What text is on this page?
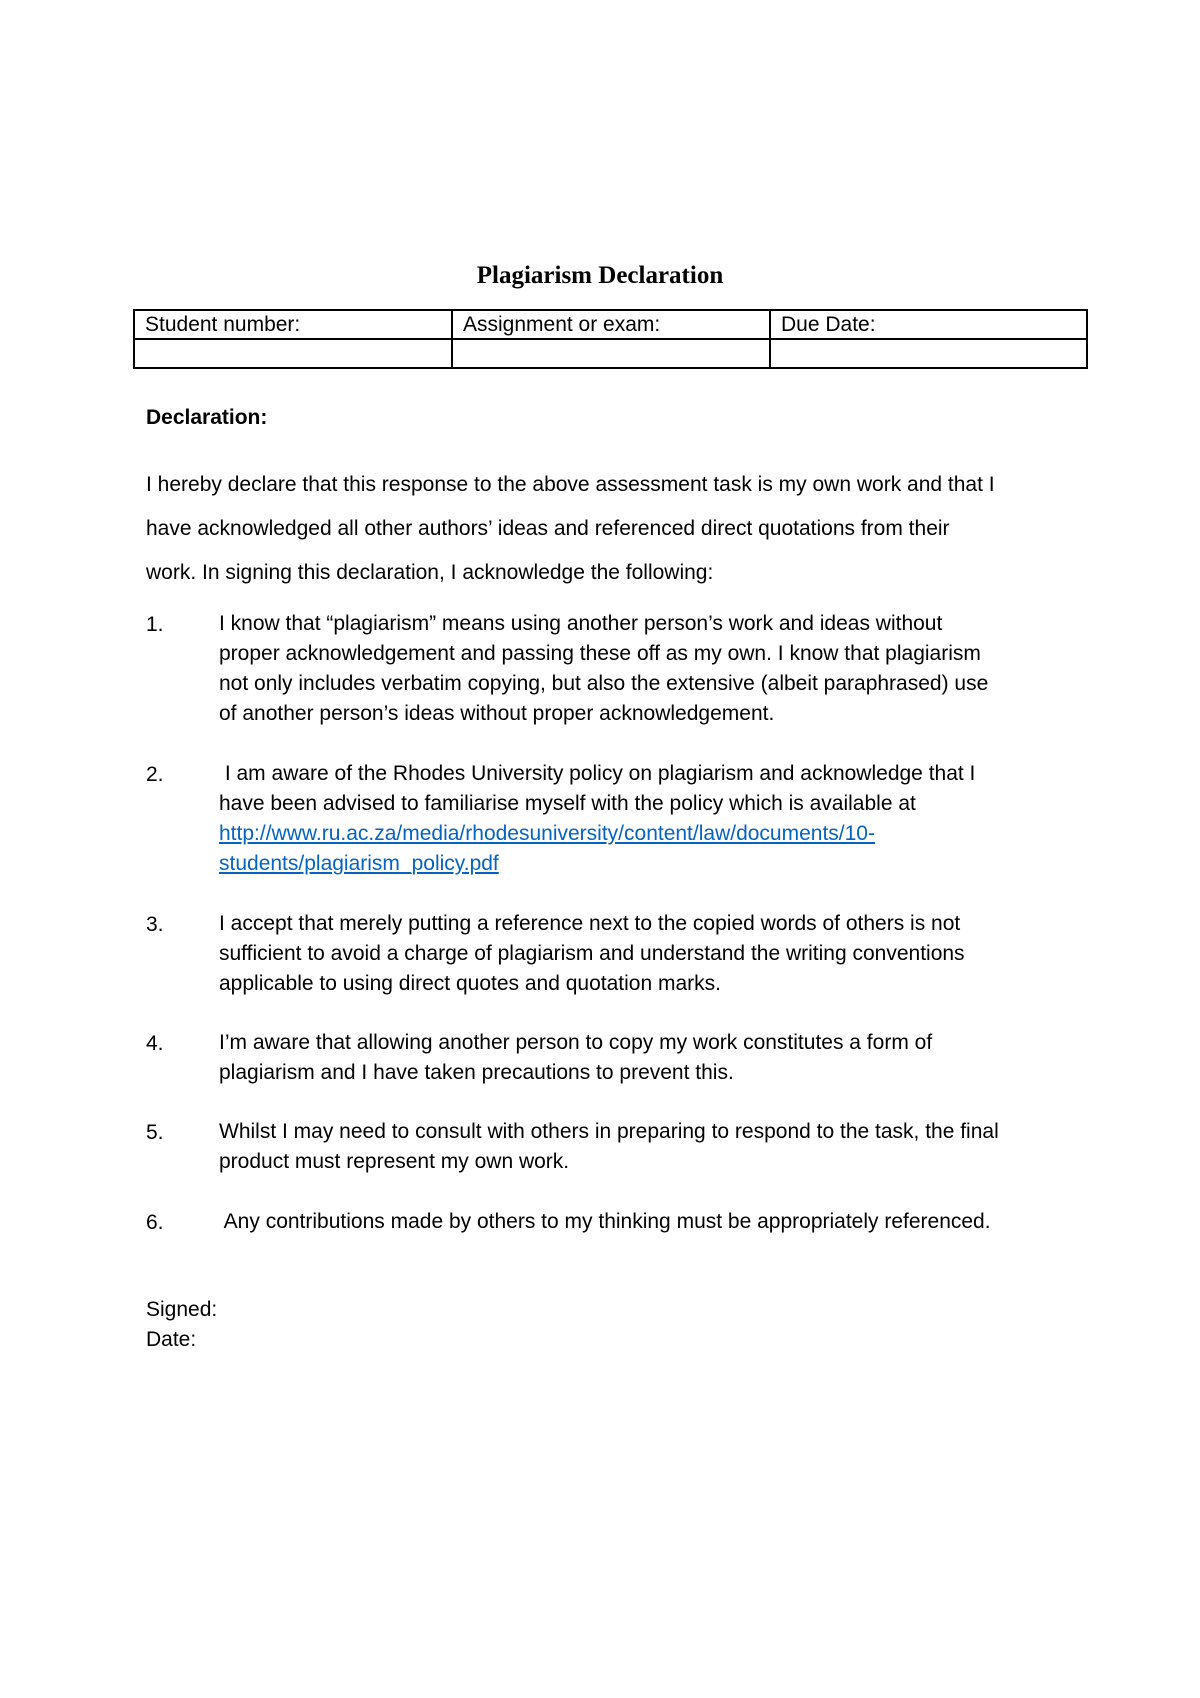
Plagiarism Declaration
Student number:	Assignment or exam:	Due Date:

Declaration:
I hereby declare that this response to the above assessment task is my own work and that I
have acknowledged all other authors’ ideas and referenced direct quotations from their
work. In signing this declaration, I acknowledge the following:
1.	I know that “plagiarism” means using another person’s work and ideas without
proper acknowledgement and passing these off as my own. I know that plagiarism
not only includes verbatim copying, but also the extensive (albeit paraphrased) use
of another person’s ideas without proper acknowledgement.
2.	I am aware of the Rhodes University policy on plagiarism and acknowledge that I
have been advised to familiarise myself with the policy which is available at
http://www.ru.ac.za/media/rhodesuniversity/content/law/documents/10-
students/plagiarism_policy.pdf
3.	I accept that merely putting a reference next to the copied words of others is not
sufficient to avoid a charge of plagiarism and understand the writing conventions
applicable to using direct quotes and quotation marks.
4.	I’m aware that allowing another person to copy my work constitutes a form of
plagiarism and I have taken precautions to prevent this.
5.	Whilst I may need to consult with others in preparing to respond to the task, the final
product must represent my own work.
6.	Any contributions made by others to my thinking must be appropriately referenced.
Signed:
Date:
